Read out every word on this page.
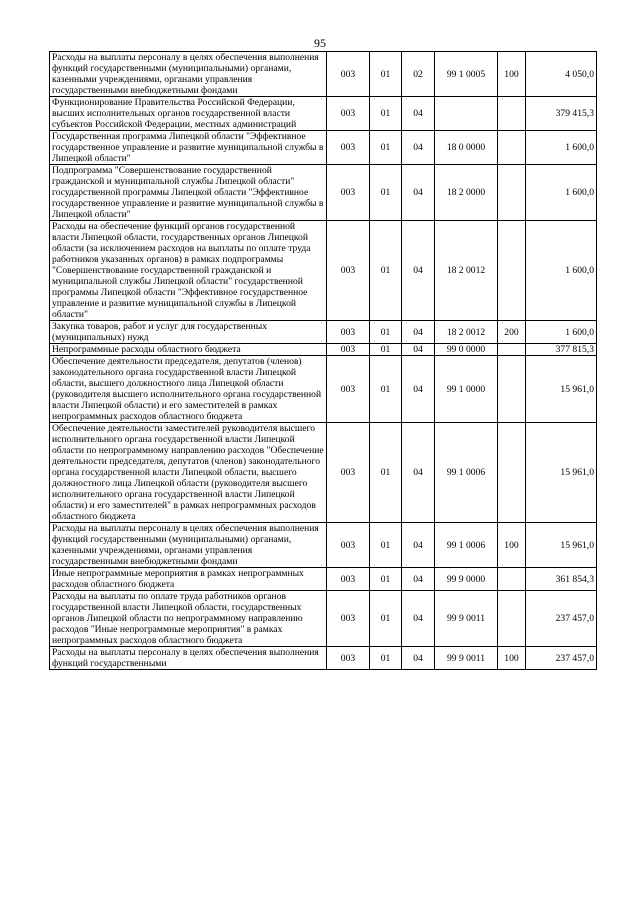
95
Расходы на выплаты персоналу в целях обеспечения выполнения функций государственными (муниципальными) органами, казенными учреждениями, органами управления государственными внебюджетными фондами	003	01	02	99 1 0005	100	4 050,0
Функционирование Правительства Российской Федерации, высших исполнительных органов государственной власти субъектов Российской Федерации, местных администраций	003	01	04			379 415,3
Государственная программа Липецкой области "Эффективное государственное управление и развитие муниципальной службы в Липецкой области"	003	01	04	18 0 0000		1 600,0
Подпрограмма "Совершенствование государственной гражданской и муниципальной службы Липецкой области" государственной программы Липецкой области "Эффективное государственное управление и развитие муниципальной службы в Липецкой области"	003	01	04	18 2 0000		1 600,0
Расходы на обеспечение функций органов государственной власти Липецкой области, государственных органов Липецкой области (за исключением расходов на выплаты по оплате труда работников указанных органов) в рамках подпрограммы "Совершенствование государственной гражданской и муниципальной службы Липецкой области" государственной программы Липецкой области "Эффективное государственное управление и развитие муниципальной службы в Липецкой области"	003	01	04	18 2 0012		1 600,0
Закупка товаров, работ и услуг для государственных (муниципальных) нужд	003	01	04	18 2 0012	200	1 600,0
Непрограммные расходы областного бюджета	003	01	04	99 0 0000		377 815,3
Обеспечение деятельности председателя, депутатов (членов) законодательного органа государственной власти Липецкой области, высшего должностного лица Липецкой области (руководителя высшего исполнительного органа государственной власти Липецкой области) и его заместителей в рамках непрограммных расходов областного бюджета	003	01	04	99 1 0000		15 961,0
Обеспечение деятельности заместителей руководителя высшего исполнительного органа государственной власти Липецкой области по непрограммному направлению расходов "Обеспечение деятельности председателя, депутатов (членов) законодательного органа государственной власти Липецкой области, высшего должностного лица Липецкой области (руководителя высшего исполнительного органа государственной власти Липецкой области) и его заместителей" в рамках непрограммных расходов областного бюджета	003	01	04	99 1 0006		15 961,0
Расходы на выплаты персоналу в целях обеспечения выполнения функций государственными (муниципальными) органами, казенными учреждениями, органами управления государственными внебюджетными фондами	003	01	04	99 1 0006	100	15 961,0
Иные непрограммные мероприятия в рамках непрограммных расходов областного бюджета	003	01	04	99 9 0000		361 854,3
Расходы на выплаты по оплате труда работников органов государственной власти Липецкой области, государственных органов Липецкой области по непрограммному направлению расходов "Иные непрограммные мероприятия" в рамках непрограммных расходов областного бюджета	003	01	04	99 9 0011		237 457,0
Расходы на выплаты персоналу в целях обеспечения выполнения функций государственными	003	01	04	99 9 0011	100	237 457,0
